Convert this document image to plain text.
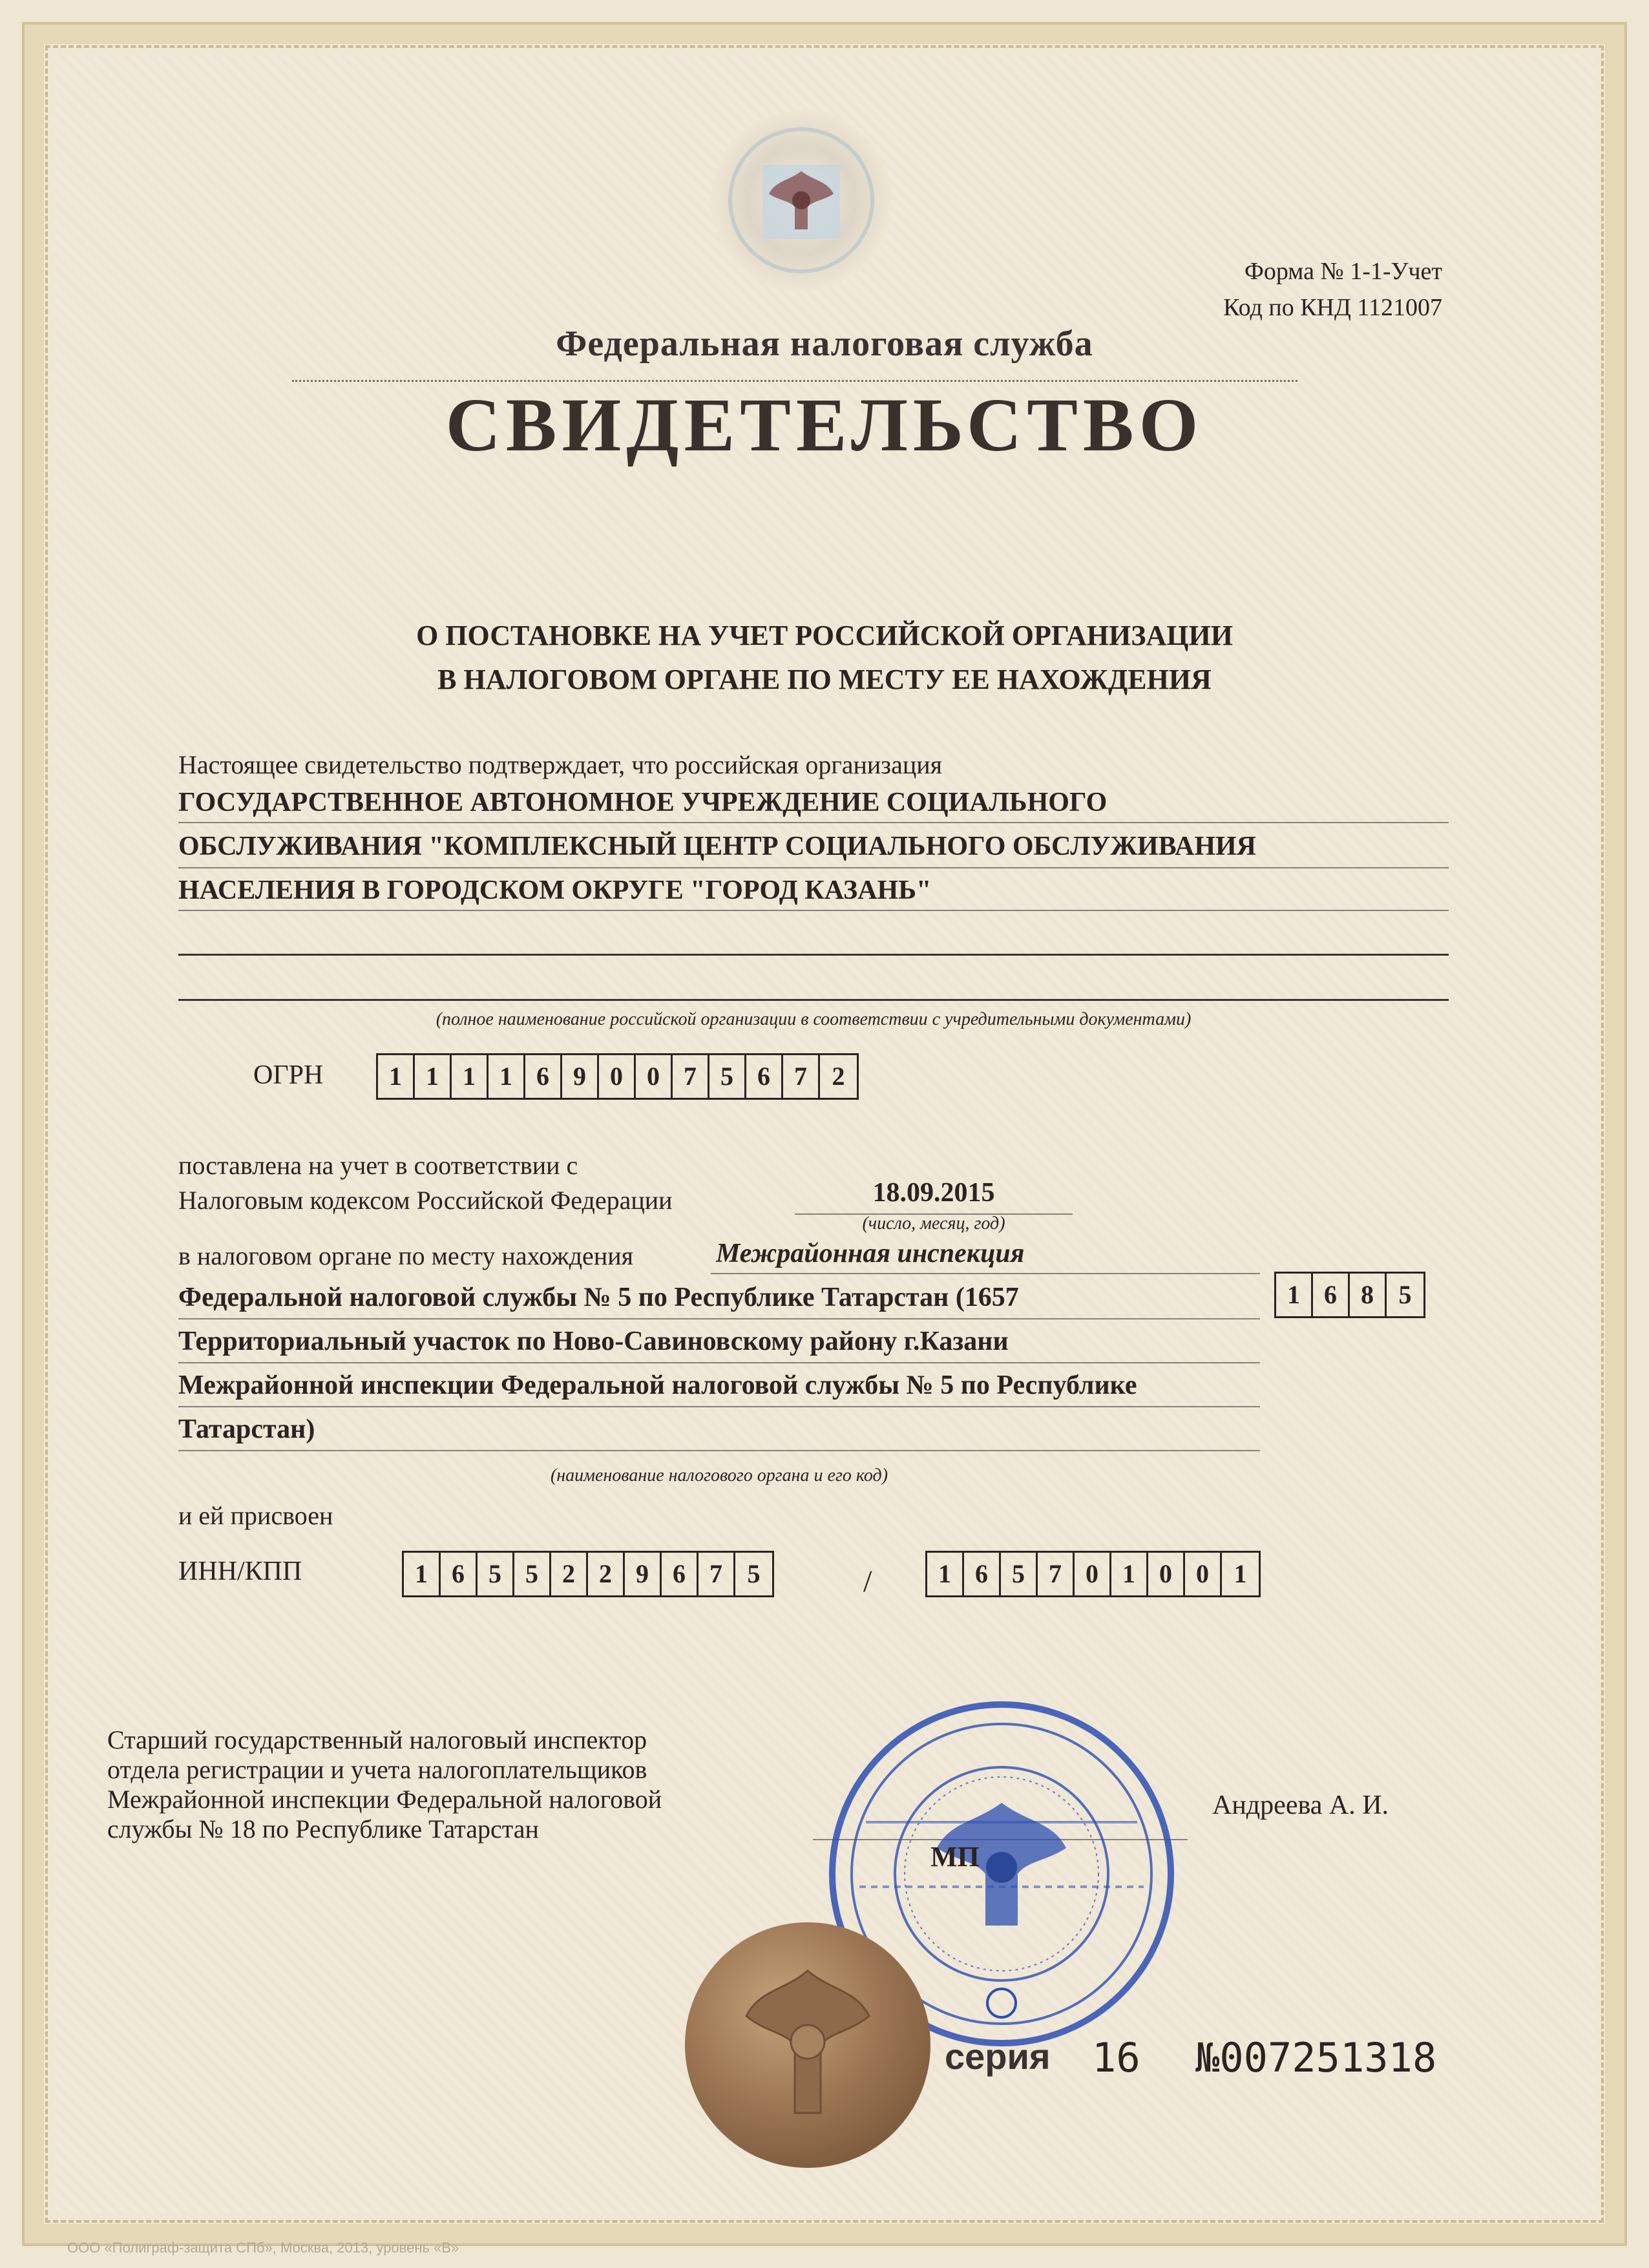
Форма № 1-1-Учет
Код по КНД 1121007
Федеральная налоговая служба
СВИДЕТЕЛЬСТВО
О ПОСТАНОВКЕ НА УЧЕТ РОССИЙСКОЙ ОРГАНИЗАЦИИ
В НАЛОГОВОМ ОРГАНЕ ПО МЕСТУ ЕЕ НАХОЖДЕНИЯ
Настоящее свидетельство подтверждает, что российская организация
ГОСУДАРСТВЕННОЕ АВТОНОМНОЕ УЧРЕЖДЕНИЕ СОЦИАЛЬНОГО
ОБСЛУЖИВАНИЯ "КОМПЛЕКСНЫЙ ЦЕНТР СОЦИАЛЬНОГО ОБСЛУЖИВАНИЯ
НАСЕЛЕНИЯ В ГОРОДСКОМ ОКРУГЕ "ГОРОД КАЗАНЬ"
(полное наименование российской организации в соответствии с учредительными документами)
ОГРН	1 1 1 1 6 9 0 0 7 5 6 7 2
поставлена на учет в соответствии с
Налоговым кодексом Российской Федерации	18.09.2015
(число, месяц, год)
в налоговом органе по месту нахождения	Межрайонная инспекция
Федеральной налоговой службы № 5 по Республике Татарстан (1657	1 6 8 5
Территориальный участок по Ново-Савиновскому району г.Казани
Межрайонной инспекции Федеральной налоговой службы № 5 по Республике
Татарстан)
(наименование налогового органа и его код)
и ей присвоен
ИНН/КПП	1 6 5 5 2 2 9 6 7 5	/	1 6 5 7 0 1 0 0 1
Старший государственный налоговый инспектор
отдела регистрации и учета налогоплательщиков
Межрайонной инспекции Федеральной налоговой
службы № 18 по Республике Татарстан
Андреева А. И.
МП
серия 16 №007251318
ООО «Полиграф-защита СПб», Москва, 2013, уровень «В»
